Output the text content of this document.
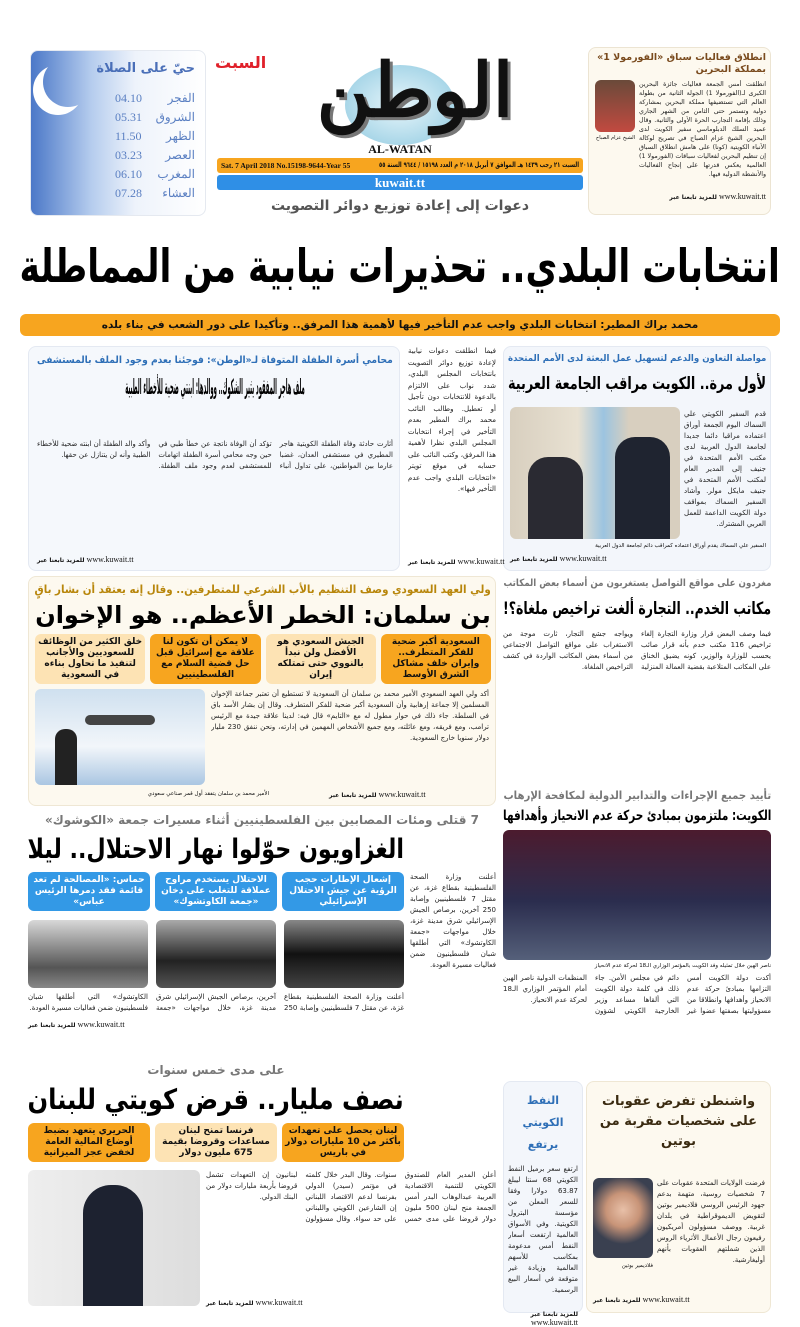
حيّ على الصلاة
الفجر
04.10
الشروق
05.31
الظهر
11.50
العصر
03.23
المغرب
06.10
العشاء
07.28
السبت الوطن
AL-WATAN
Sat. 7 April 2018 No.15198-9644-Year 55	السبت ٢١ رجب ١٤٣٩ هـ الموافق ٧ أبريل ٢٠١٨ م العدد ١٥١٩٨ / ٩٦٤٤ السنة ٥٥
kuwait.tt
انطلاق فعاليات سباق «الفورمولا 1» بمملكة البحرين
الشيخ عزام الصباح
انطلقت أمس الجمعة فعاليات جائزة البحرين الكبرى لـ(الفورمولا 1) الجولة الثانية من بطولة العالم التي تستضيفها مملكة البحرين بمشاركة دولية وتستمر حتى الثامن من الشهر الجاري وذلك بإقامة التجارب الحرة الأولى والثانية. وقال عميد السلك الدبلوماسي سفير الكويت لدى البحرين الشيخ عزام الصباح في تصريح لوكالة الأنباء الكويتية (كونا) على هامش انطلاق السباق إن تنظيم البحرين لفعاليات سباقات (الفورمولا 1) العالمية يعكس قدرتها على إنجاح الفعاليات والأنشطة الدولية فيها.
www.kuwait.tt للمزيد تابعنا عبر
دعوات إلى إعادة توزيع دوائر التصويت
انتخابات البلدي.. تحذيرات نيابية من المماطلة
محمد براك المطير: انتخابات البلدي واجب عدم التأخير فيها لأهمية هذا المرفق.. وتأكيدا على دور الشعب في بناء بلده
مواصلة التعاون والدعم لتسهيل عمل البعثة لدى الأمم المتحدة
لأول مرة.. الكويت مراقب الجامعة العربية
قدم السفير الكويتي علي السماك اليوم الجمعة أوراق اعتماده مراقبا دائما جديدا لجامعة الدول العربية لدى مكتب الأمم المتحدة في جنيف إلى المدير العام لمكتب الأمم المتحدة في جنيف مايكل مولر. وأشاد السفير السماك بمواقف دولة الكويت الداعمة للعمل العربي المشترك.
السفير علي السماك يقدم أوراق اعتماده كمراقب دائم لجامعة الدول العربية
www.kuwait.tt للمزيد تابعنا عبر
فيما انطلقت دعوات نيابية لإعادة توزيع دوائر التصويت بانتخابات المجلس البلدي، شدد نواب على الالتزام بالدعوة للانتخابات دون تأجيل أو تعطيل. وطالب النائب محمد براك المطير بعدم التأخير في إجراء انتخابات المجلس البلدي نظرا لأهمية هذا المرفق، وكتب النائب على حسابه في موقع تويتر «انتخابات البلدي واجب عدم التأخير فيها».
www.kuwait.tt للمزيد تابعنا عبر
محامي أسرة الطفلة المتوفاة لـ«الوطن»: فوجئنا بعدم وجود الملف بالمستشفى
ملف هاجر المفقود يثير الشكوك.. ووالدها: ابنتي ضحية للأخطاء الطبية
أثارت حادثة وفاة الطفلة الكويتية هاجر المطيري في مستشفى العدان، غضبا عارما بين المواطنين، على تداول أنباء تؤكد أن الوفاة ناتجة عن خطأ طبي في حين وجه محامي أسرة الطفلة اتهامات للمستشفى لعدم وجود ملف الطفلة. وأكد والد الطفلة أن ابنته ضحية للأخطاء الطبية وأنه لن يتنازل عن حقها.
www.kuwait.tt للمزيد تابعنا عبر
مغردون على مواقع التواصل يستغربون من أسماء بعض المكاتب
مكاتب الخدم.. التجارة ألغت تراخيص ملغاة؟!
فيما وصف البعض قرار وزارة التجارة إلغاء تراخيص 116 مكتب خدم بأنه قرار صائب يحسب للوزارة والوزير، كونه يضيق الخناق على المكاتب المتلاعبة بقضية العمالة المنزلية ويواجه جشع التجار، ثارت موجة من الاستغراب على مواقع التواصل الاجتماعي من أسماء بعض المكاتب الواردة في كشف التراخيص الملغاة.
ولي العهد السعودي وصف التنظيم بالأب الشرعي للمتطرفين.. وقال إنه يعتقد أن بشار باقٍ
بن سلمان: الخطر الأعظم.. هو الإخوان
السعودية أكبر ضحية للفكر المتطرف.. وإيران خلف مشاكل الشرق الأوسط
الجيش السعودي هو الأفضل ولن نبدأ بالنووي حتى تمتلكه إيران
لا يمكن أن تكون لنا علاقة مع إسرائيل قبل حل قضية السلام مع الفلسطينيين
خلق الكثير من الوظائف للسعوديين والأجانب لتنفيذ ما نحاول بناءه في السعودية
الأمير محمد بن سلمان يتفقد أول قمر صناعي سعودي
أكد ولي العهد السعودي الأمير محمد بن سلمان أن السعودية لا تستطيع أن تعتبر جماعة الإخوان المسلمين إلا جماعة إرهابية وأن السعودية أكبر ضحية للفكر المتطرف. وقال إن بشار الأسد باق في السلطة. جاء ذلك في حوار مطول له مع «التايم» قال فيه: لدينا علاقة جيدة مع الرئيس ترامب، ومع فريقه، ومع عائلته، ومع جميع الأشخاص المهمين في إدارته، ونحن ننفق 230 مليار دولار سنويا خارج السعودية.
www.kuwait.tt للمزيد تابعنا عبر	تأييد جميع الإجراءات والتدابير الدولية لمكافحة الإرهاب
الكويت: ملتزمون بمبادئ حركة عدم الانحياز وأهدافها
ناصر الهين خلال تمثيله وفد الكويت بالمؤتمر الوزاري الـ18 لحركة عدم الانحياز
أكدت دولة الكويت أمس التزامها بمبادئ حركة عدم الانحياز وأهدافها وانطلاقا من مسؤوليتها بصفتها عضوا غير دائم في مجلس الأمن. جاء ذلك في كلمة دولة الكويت التي ألقاها مساعد وزير الخارجية الكويتي لشؤون المنظمات الدولية ناصر الهين أمام المؤتمر الوزاري الـ18 لحركة عدم الانحياز.
7 قتلى ومئات المصابين بين الفلسطينيين أثناء مسيرات جمعة «الكوشوك»
الغزاويون حوّلوا نهار الاحتلال.. ليلا
إشعال الإطارات حجب الرؤية عن جيش الاحتلال الإسرائيلي
الاحتلال يستخدم مراوح عملاقة للتغلب على دخان «جمعة الكاوتشوك»
حماس: «المصالحة لم تعد قائمة فقد دمرها الرئيس عباس»
أعلنت وزارة الصحة الفلسطينية بقطاع غزة، عن مقتل 7 فلسطينيين وإصابة 250 آخرين، برصاص الجيش الإسرائيلي شرق مدينة غزة، خلال مواجهات «جمعة الكاوتشوك» التي أطلقها شبان فلسطينيون ضمن فعاليات مسيرة العودة.
أعلنت وزارة الصحة الفلسطينية بقطاع غزة، عن مقتل 7 فلسطينيين وإصابة 250 آخرين، برصاص الجيش الإسرائيلي شرق مدينة غزة، خلال مواجهات «جمعة الكاوتشوك» التي أطلقها شبان فلسطينيون ضمن فعاليات مسيرة العودة.
www.kuwait.tt للمزيد تابعنا عبر
على مدى خمس سنوات
نصف مليار.. قرض كويتي للبنان
لبنان يحصل على تعهدات بأكثر من 10 مليارات دولار في باريس
فرنسا تمنح لبنان مساعدات وقروضا بقيمة 675 مليون دولار
الحريري يتعهد بضبط أوضاع المالية العامة لخفض عجز الميزانية
أعلن المدير العام للصندوق الكويتي للتنمية الاقتصادية العربية عبدالوهاب البدر أمس الجمعة منح لبنان 500 مليون دولار قروضا على مدى خمس سنوات. وقال البدر خلال كلمته في مؤتمر (سيدر) الدولي بفرنسا لدعم الاقتصاد اللبناني إن الشارعين الكويتي واللبناني على حد سواء. وقال مسؤولون لبنانيون إن التعهدات تشمل قروضا بأربعة مليارات دولار من البنك الدولي.
www.kuwait.tt للمزيد تابعنا عبر
النفط الكويتي يرتفع
ارتفع سعر برميل النفط الكويتي 68 سنتا ليبلغ 63.87 دولارا وفقا للسعر المعلن من مؤسسة البترول الكويتية. وفي الأسواق العالمية ارتفعت أسعار النفط أمس مدعومة بمكاسب للأسهم العالمية وزيادة غير متوقعة في أسعار البيع الرسمية.
للمزيد تابعنا عبر
www.kuwait.tt
واشنطن تفرض عقوبات على شخصيات مقربة من بوتين
فلاديمير بوتين
فرضت الولايات المتحدة عقوبات على 7 شخصيات روسية، متهمة بدعم جهود الرئيس الروسي فلاديمير بوتين لتقويض الديموقراطية في بلدان غربية. ووصف مسؤولون أمريكيون رفيعون رجال الأعمال الأثرياء الروس الذين شملتهم العقوبات بأنهم أوليغارشية.
www.kuwait.tt للمزيد تابعنا عبر
